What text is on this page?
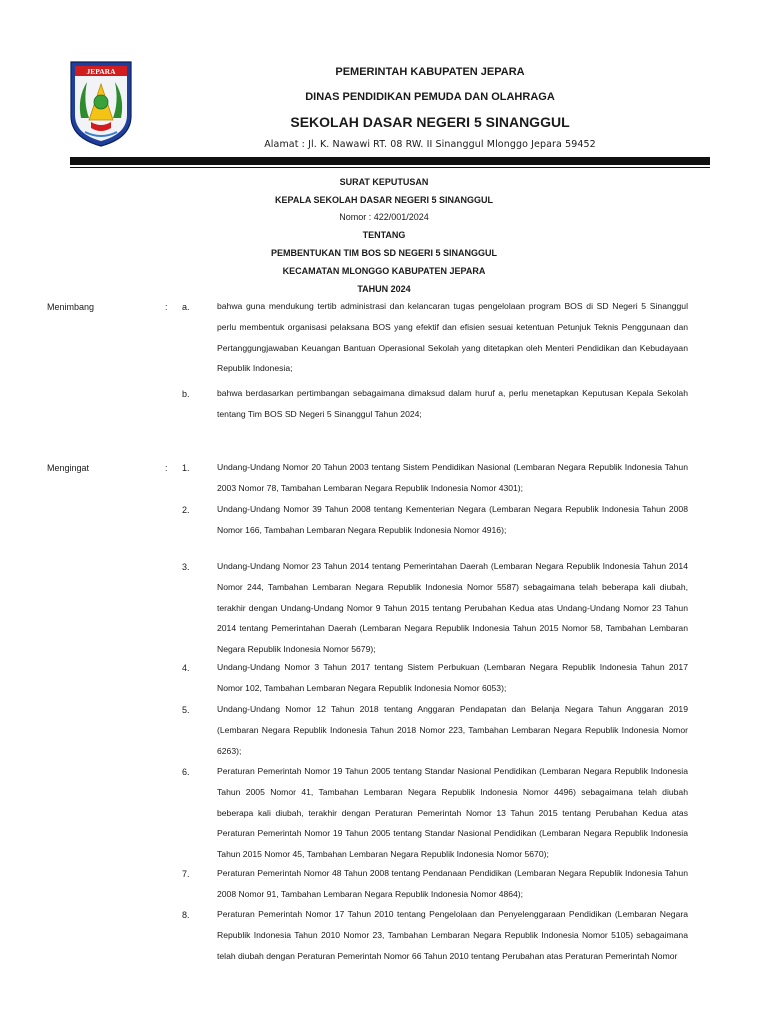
JEPARA	PEMERINTAH KABUPATEN JEPARA
DINAS PENDIDIKAN PEMUDA DAN OLAHRAGA
SEKOLAH DASAR NEGERI 5 SINANGGUL
Alamat : Jl. K. Nawawi RT. 08 RW. II Sinanggul Mlonggo Jepara 59452
SURAT KEPUTUSAN
KEPALA SEKOLAH DASAR NEGERI 5 SINANGGUL
Nomor : 422/001/2024
TENTANG
PEMBENTUKAN TIM BOS SD NEGERI 5 SINANGGUL
KECAMATAN MLONGGO KABUPATEN JEPARA
TAHUN 2024
Menimbang	: a.	bahwa guna mendukung tertib administrasi dan kelancaran tugas pengelolaan program BOS di SD Negeri 5 Sinanggul perlu membentuk organisasi pelaksana BOS yang efektif dan efisien sesuai ketentuan Petunjuk Teknis Penggunaan dan Pertanggungjawaban Keuangan Bantuan Operasional Sekolah yang ditetapkan oleh Menteri Pendidikan dan Kebudayaan Republik Indonesia;
b.	bahwa berdasarkan pertimbangan sebagaimana dimaksud dalam huruf a, perlu menetapkan Keputusan Kepala Sekolah tentang Tim BOS SD Negeri 5 Sinanggul Tahun 2024;
Mengingat	: 1.	Undang-Undang Nomor 20 Tahun 2003 tentang Sistem Pendidikan Nasional (Lembaran Negara Republik Indonesia Tahun 2003 Nomor 78, Tambahan Lembaran Negara Republik Indonesia Nomor 4301);
2.	Undang-Undang Nomor 39 Tahun 2008 tentang Kementerian Negara (Lembaran Negara Republik Indonesia Tahun 2008 Nomor 166, Tambahan Lembaran Negara Republik Indonesia Nomor 4916);
3.	Undang-Undang Nomor 23 Tahun 2014 tentang Pemerintahan Daerah (Lembaran Negara Republik Indonesia Tahun 2014 Nomor 244, Tambahan Lembaran Negara Republik Indonesia Nomor 5587) sebagaimana telah beberapa kali diubah, terakhir dengan Undang-Undang Nomor 9 Tahun 2015 tentang Perubahan Kedua atas Undang-Undang Nomor 23 Tahun 2014 tentang Pemerintahan Daerah (Lembaran Negara Republik Indonesia Tahun 2015 Nomor 58, Tambahan Lembaran Negara Republik Indonesia Nomor 5679);
4.	Undang-Undang Nomor 3 Tahun 2017 tentang Sistem Perbukuan (Lembaran Negara Republik Indonesia Tahun 2017 Nomor 102, Tambahan Lembaran Negara Republik Indonesia Nomor 6053);
5.	Undang-Undang Nomor 12 Tahun 2018 tentang Anggaran Pendapatan dan Belanja Negara Tahun Anggaran 2019 (Lembaran Negara Republik Indonesia Tahun 2018 Nomor 223, Tambahan Lembaran Negara Republik Indonesia Nomor 6263);
6.	Peraturan Pemerintah Nomor 19 Tahun 2005 tentang Standar Nasional Pendidikan (Lembaran Negara Republik Indonesia Tahun 2005 Nomor 41, Tambahan Lembaran Negara Republik Indonesia Nomor 4496) sebagaimana telah diubah beberapa kali diubah, terakhir dengan Peraturan Pemerintah Nomor 13 Tahun 2015 tentang Perubahan Kedua atas Peraturan Pemerintah Nomor 19 Tahun 2005 tentang Standar Nasional Pendidikan (Lembaran Negara Republik Indonesia Tahun 2015 Nomor 45, Tambahan Lembaran Negara Republik Indonesia Nomor 5670);
7.	Peraturan Pemerintah Nomor 48 Tahun 2008 tentang Pendanaan Pendidikan (Lembaran Negara Republik Indonesia Tahun 2008 Nomor 91, Tambahan Lembaran Negara Republik Indonesia Nomor 4864);
8.	Peraturan Pemerintah Nomor 17 Tahun 2010 tentang Pengelolaan dan Penyelenggaraan Pendidikan (Lembaran Negara Republik Indonesia Tahun 2010 Nomor 23, Tambahan Lembaran Negara Republik Indonesia Nomor 5105) sebagaimana telah diubah dengan Peraturan Pemerintah Nomor 66 Tahun 2010 tentang Perubahan atas Peraturan Pemerintah Nomor
